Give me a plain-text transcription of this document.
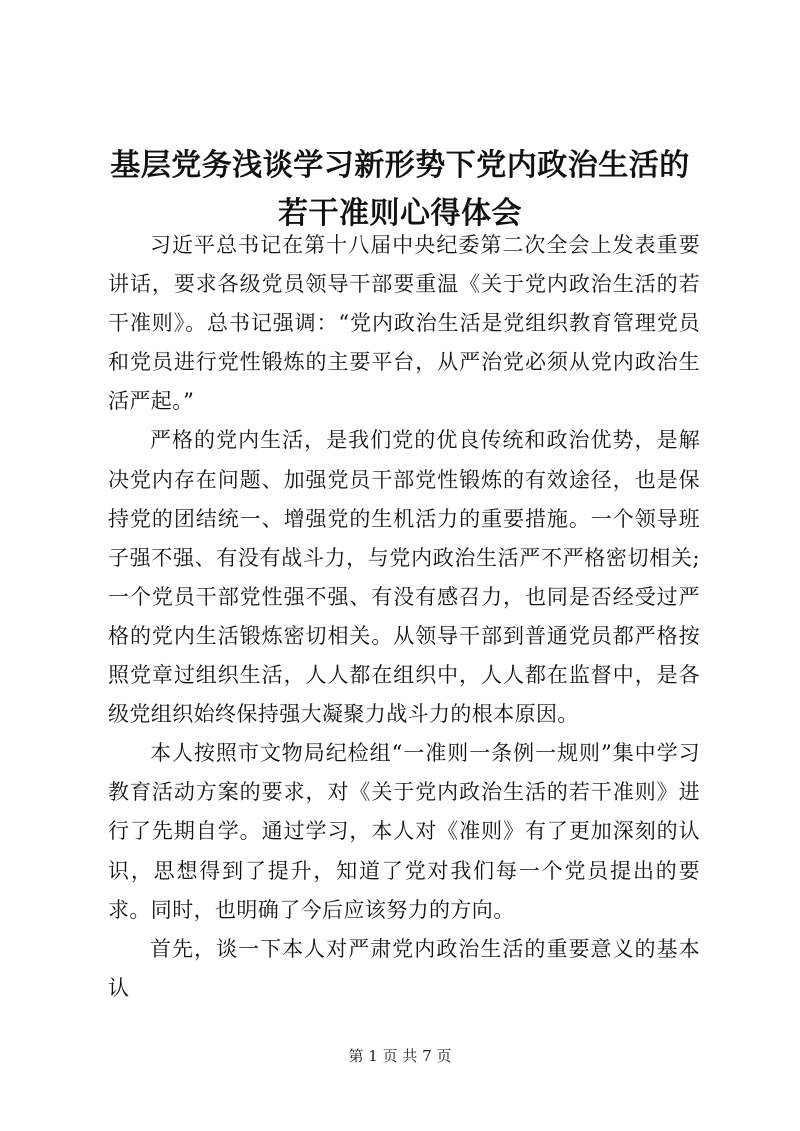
基层党务浅谈学习新形势下党内政治生活的若干准则心得体会

习近平总书记在第十八届中央纪委第二次全会上发表重要讲话，要求各级党员领导干部要重温《关于党内政治生活的若干准则》。总书记强调：“党内政治生活是党组织教育管理党员和党员进行党性锻炼的主要平台，从严治党必须从党内政治生活严起。”

严格的党内生活，是我们党的优良传统和政治优势，是解决党内存在问题、加强党员干部党性锻炼的有效途径，也是保持党的团结统一、增强党的生机活力的重要措施。一个领导班子强不强、有没有战斗力，与党内政治生活严不严格密切相关;一个党员干部党性强不强、有没有感召力，也同是否经受过严格的党内生活锻炼密切相关。从领导干部到普通党员都严格按照党章过组织生活，人人都在组织中，人人都在监督中，是各级党组织始终保持强大凝聚力战斗力的根本原因。

本人按照市文物局纪检组“一准则一条例一规则”集中学习教育活动方案的要求，对《关于党内政治生活的若干准则》进行了先期自学。通过学习，本人对《准则》有了更加深刻的认识，思想得到了提升，知道了党对我们每一个党员提出的要求。同时，也明确了今后应该努力的方向。

首先，谈一下本人对严肃党内政治生活的重要意义的基本认

第 1 页 共 7 页
